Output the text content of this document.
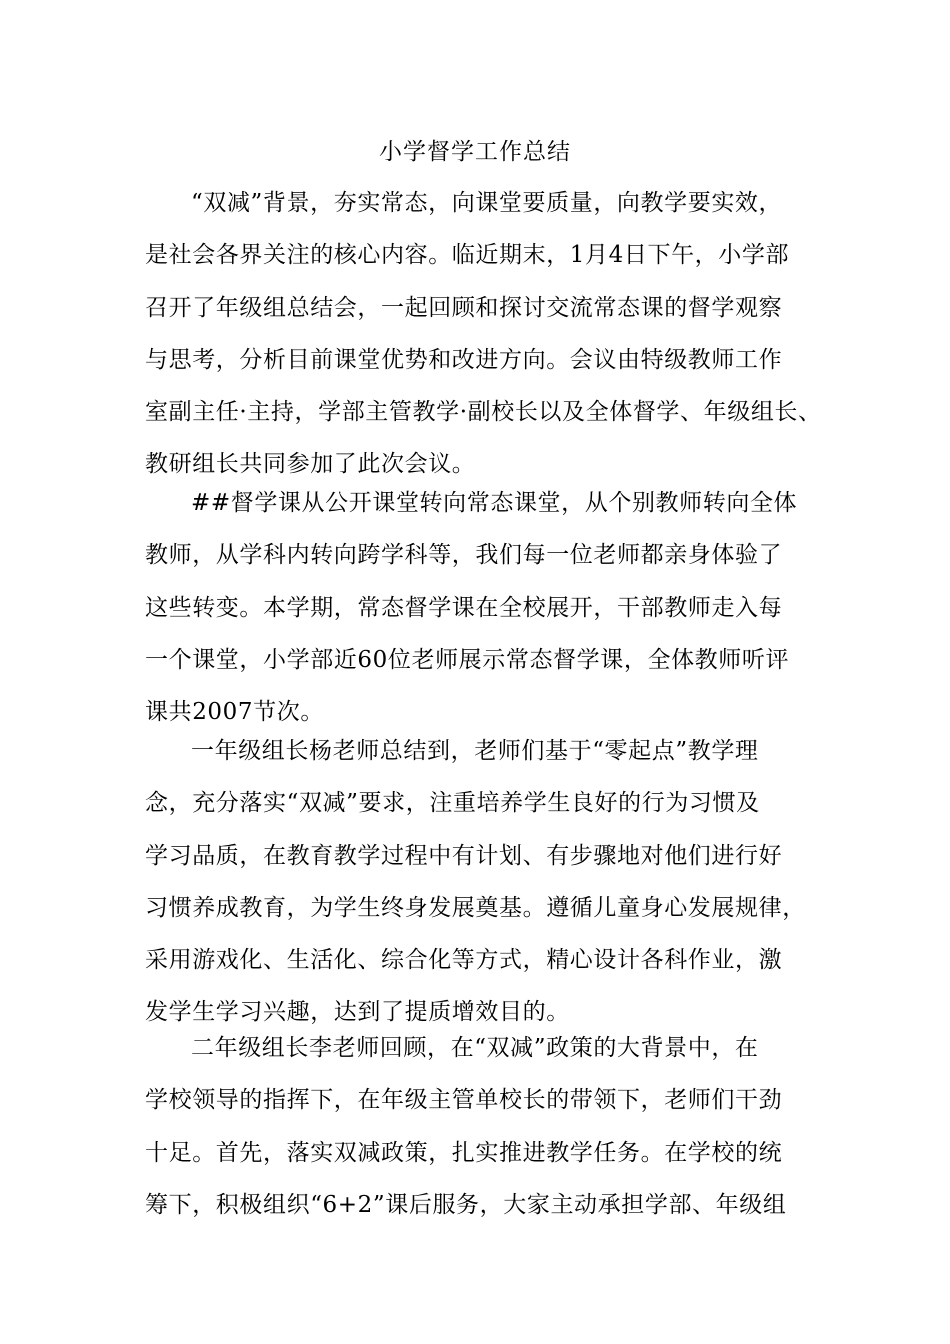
小学督学工作总结
“双减”背景，夯实常态，向课堂要质量，向教学要实效，
是社会各界关注的核心内容。临近期末，1月4日下午，小学部
召开了年级组总结会，一起回顾和探讨交流常态课的督学观察
与思考，分析目前课堂优势和改进方向。会议由特级教师工作
室副主任·主持，学部主管教学·副校长以及全体督学、年级组长、
教研组长共同参加了此次会议。
##督学课从公开课堂转向常态课堂，从个别教师转向全体
教师，从学科内转向跨学科等，我们每一位老师都亲身体验了
这些转变。本学期，常态督学课在全校展开，干部教师走入每
一个课堂，小学部近60位老师展示常态督学课，全体教师听评
课共2007节次。
一年级组长杨老师总结到，老师们基于“零起点”教学理
念，充分落实“双减”要求，注重培养学生良好的行为习惯及
学习品质，在教育教学过程中有计划、有步骤地对他们进行好
习惯养成教育，为学生终身发展奠基。遵循儿童身心发展规律，
采用游戏化、生活化、综合化等方式，精心设计各科作业，激
发学生学习兴趣，达到了提质增效目的。
二年级组长李老师回顾，在“双减”政策的大背景中，在
学校领导的指挥下，在年级主管单校长的带领下，老师们干劲
十足。首先，落实双减政策，扎实推进教学任务。在学校的统
筹下，积极组织“6+2”课后服务，大家主动承担学部、年级组
